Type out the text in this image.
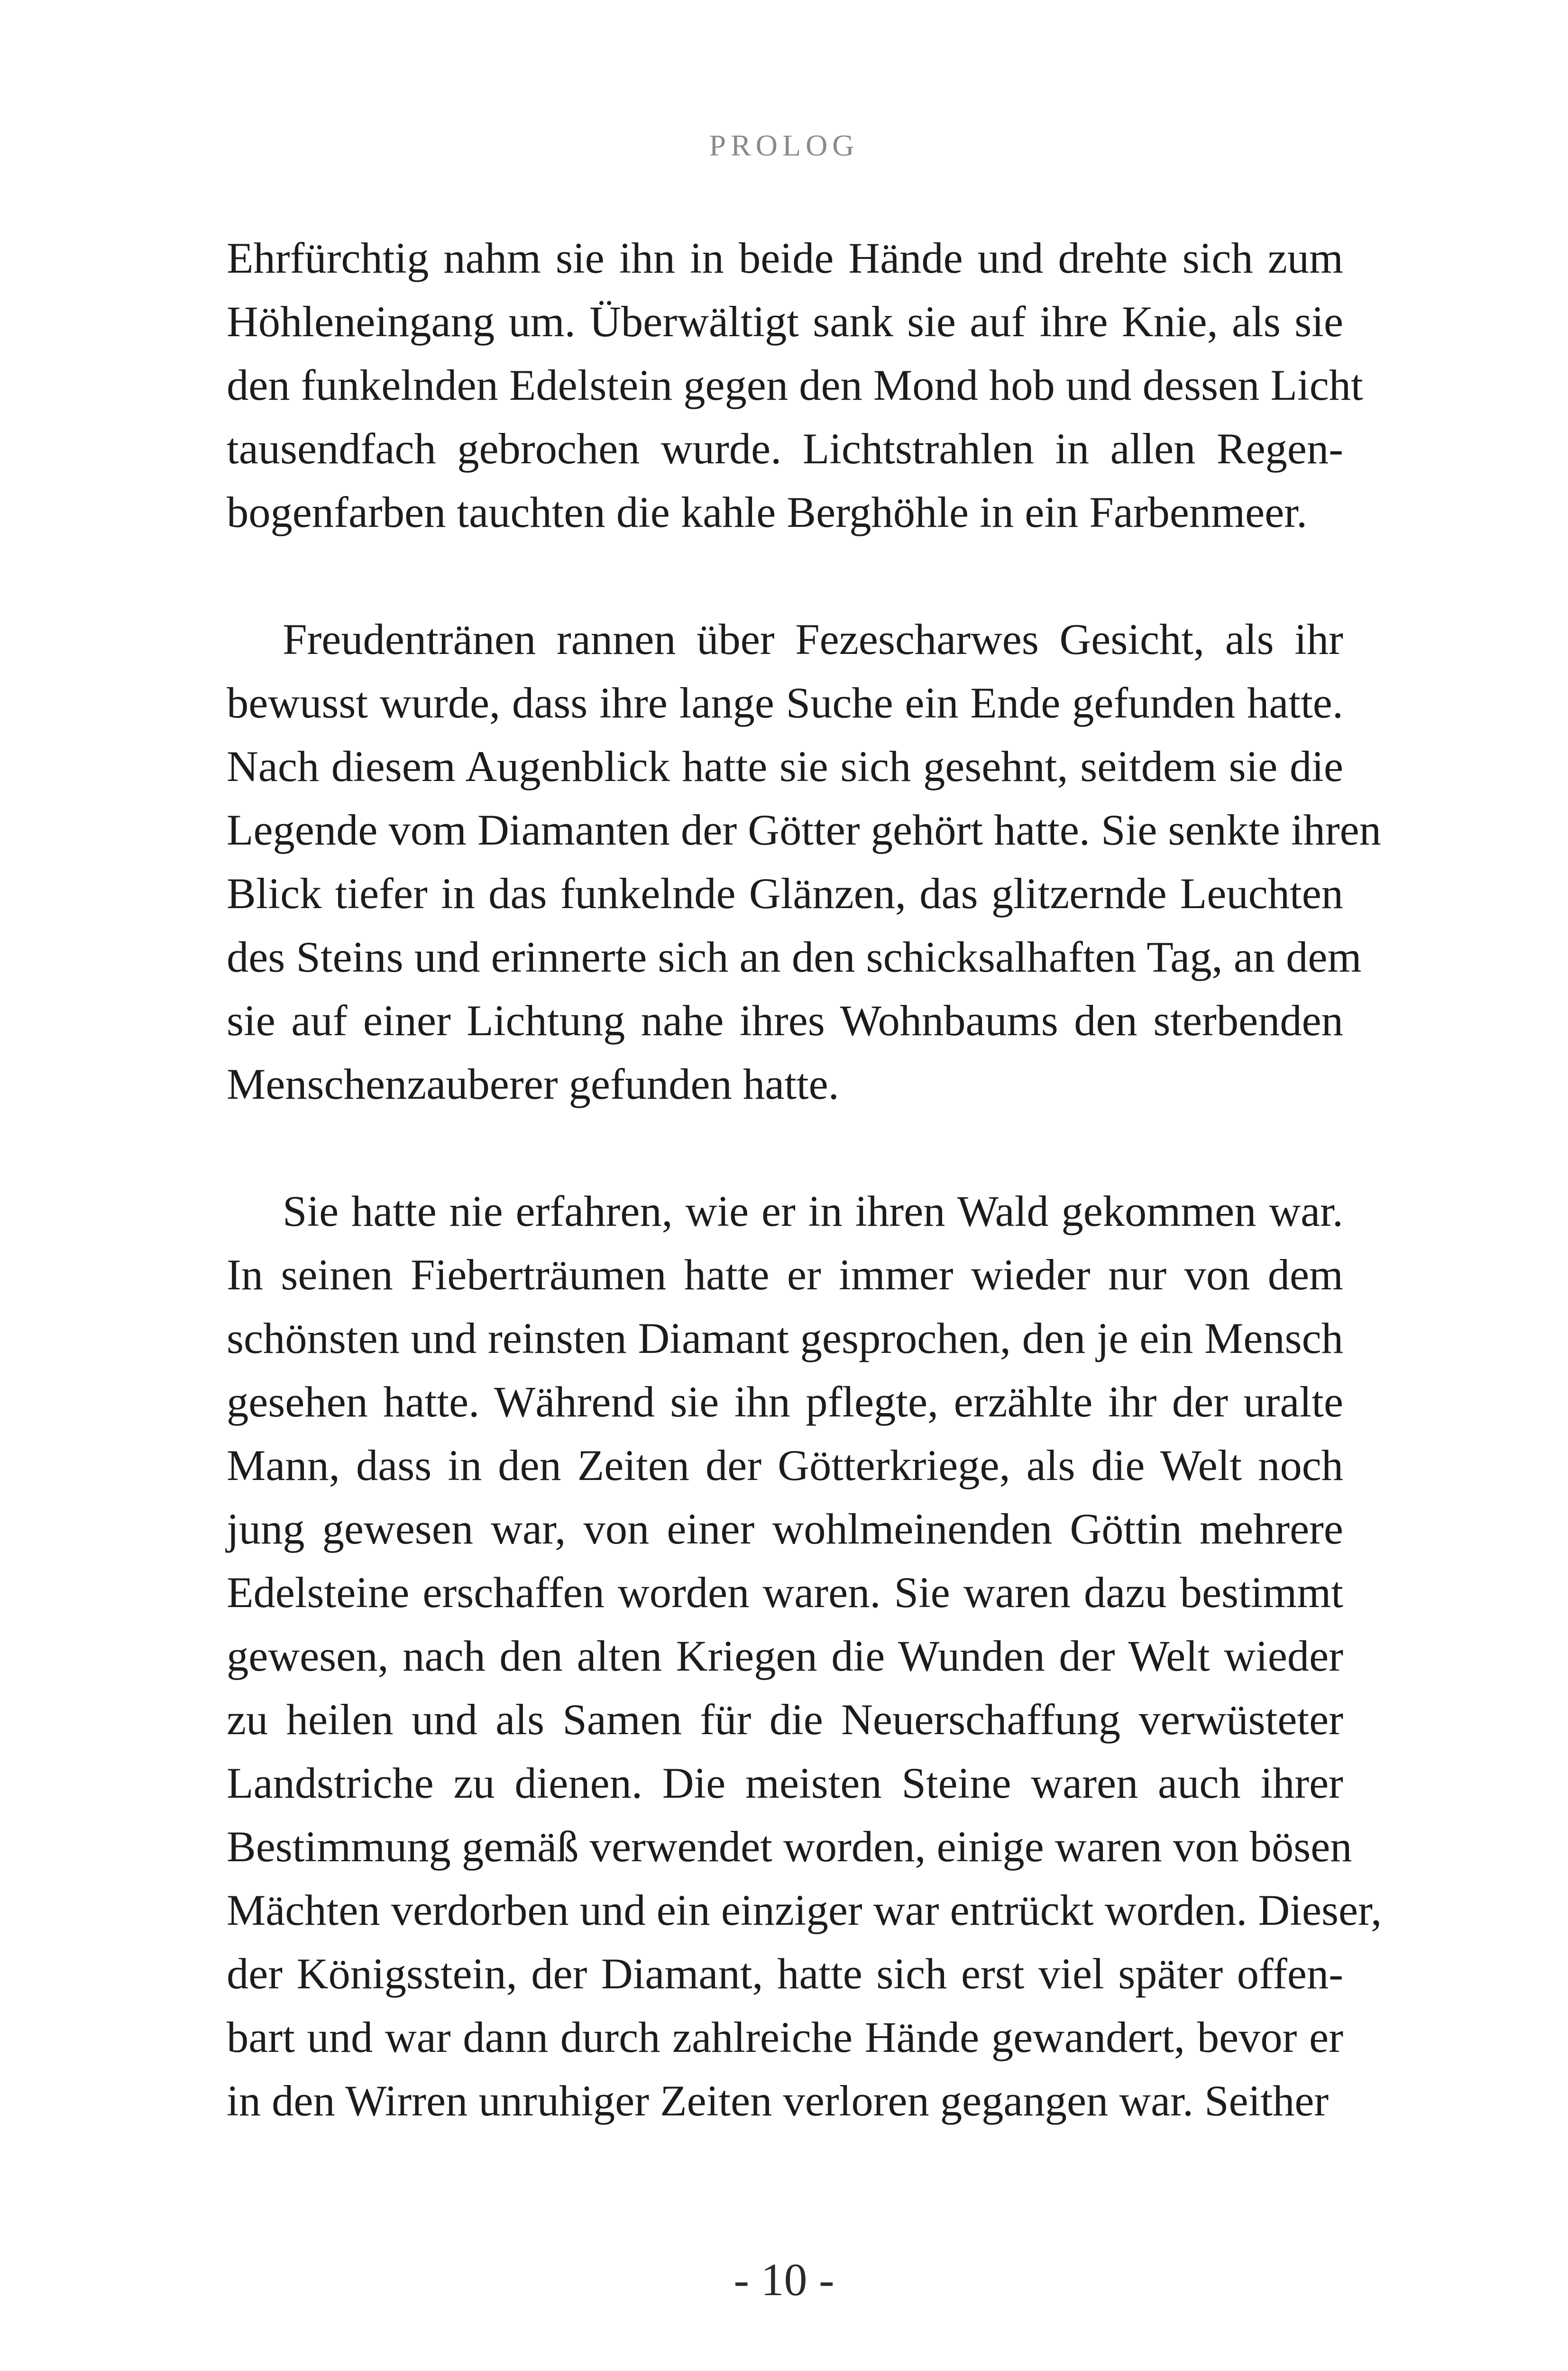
PROLOG
Ehrfürchtig nahm sie ihn in beide Hände und drehte sich zum
Höhleneingang um. Überwältigt sank sie auf ihre Knie, als sie
den funkelnden Edelstein gegen den Mond hob und dessen Licht
tausendfach gebrochen wurde. Lichtstrahlen in allen Regen-
bogenfarben tauchten die kahle Berghöhle in ein Farbenmeer.
Freudentränen rannen über Fezescharwes Gesicht, als ihr
bewusst wurde, dass ihre lange Suche ein Ende gefunden hatte.
Nach diesem Augenblick hatte sie sich gesehnt, seitdem sie die
Legende vom Diamanten der Götter gehört hatte. Sie senkte ihren
Blick tiefer in das funkelnde Glänzen, das glitzernde Leuchten
des Steins und erinnerte sich an den schicksalhaften Tag, an dem
sie auf einer Lichtung nahe ihres Wohnbaums den sterbenden
Menschenzauberer gefunden hatte.
Sie hatte nie erfahren, wie er in ihren Wald gekommen war.
In seinen Fieberträumen hatte er immer wieder nur von dem
schönsten und reinsten Diamant gesprochen, den je ein Mensch
gesehen hatte. Während sie ihn pflegte, erzählte ihr der uralte
Mann, dass in den Zeiten der Götterkriege, als die Welt noch
jung gewesen war, von einer wohlmeinenden Göttin mehrere
Edelsteine erschaffen worden waren. Sie waren dazu bestimmt
gewesen, nach den alten Kriegen die Wunden der Welt wieder
zu heilen und als Samen für die Neuerschaffung verwüsteter
Landstriche zu dienen. Die meisten Steine waren auch ihrer
Bestimmung gemäß verwendet worden, einige waren von bösen
Mächten verdorben und ein einziger war entrückt worden. Dieser,
der Königsstein, der Diamant, hatte sich erst viel später offen-
bart und war dann durch zahlreiche Hände gewandert, bevor er
in den Wirren unruhiger Zeiten verloren gegangen war. Seither
- 10 -
